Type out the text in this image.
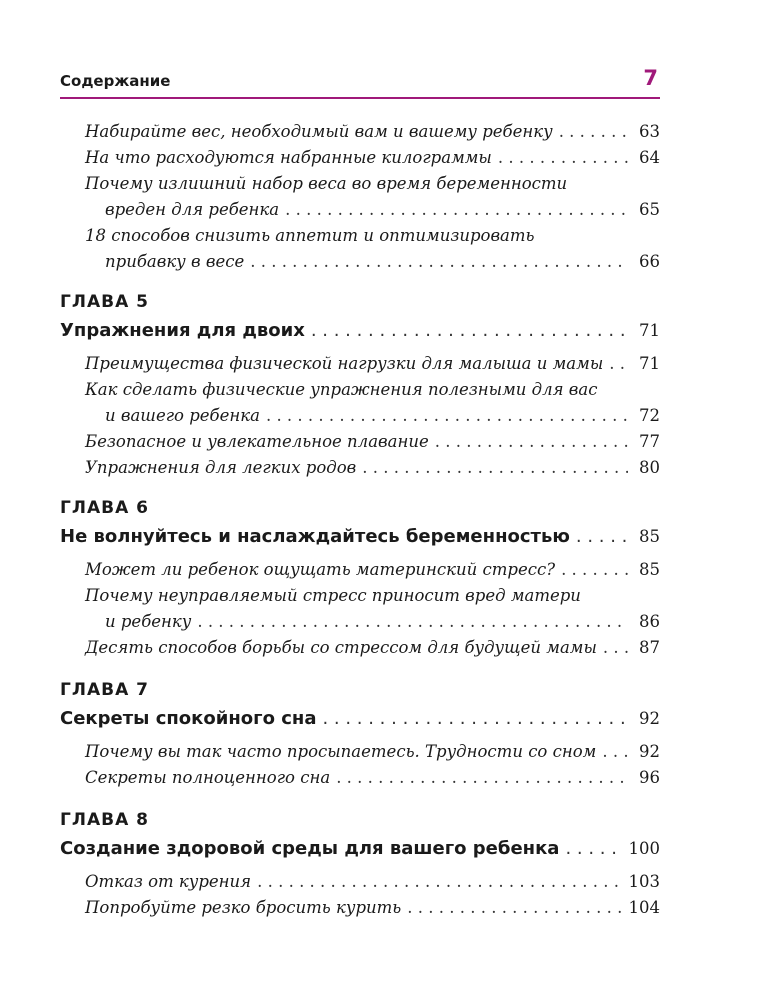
Содержание	7
Набирайте вес, необходимый вам и вашему ребенку . . .	63
На что расходуются набранные килограммы . . .	64
Почему излишний набор веса во время беременности
вреден для ребенка . . .	65
18 способов снизить аппетит и оптимизировать
прибавку в весе . . .	66
ГЛАВА 5
Упражнения для двоих . . .	71
Преимущества физической нагрузки для малыша и мамы . . .	71
Как сделать физические упражнения полезными для вас
и вашего ребенка . . .	72
Безопасное и увлекательное плавание . . .	77
Упражнения для легких родов . . .	80
ГЛАВА 6
Не волнуйтесь и наслаждайтесь беременностью . . .	85
Может ли ребенок ощущать материнский стресс? . . .	85
Почему неуправляемый стресс приносит вред матери
и ребенку . . .	86
Десять способов борьбы со стрессом для будущей мамы . . .	87
ГЛАВА 7
Секреты спокойного сна . . .	92
Почему вы так часто просыпаетесь. Трудности со сном . . .	92
Секреты полноценного сна . . .	96
ГЛАВА 8
Создание здоровой среды для вашего ребенка . . .	100
Отказ от курения . . .	103
Попробуйте резко бросить курить . . .	104
